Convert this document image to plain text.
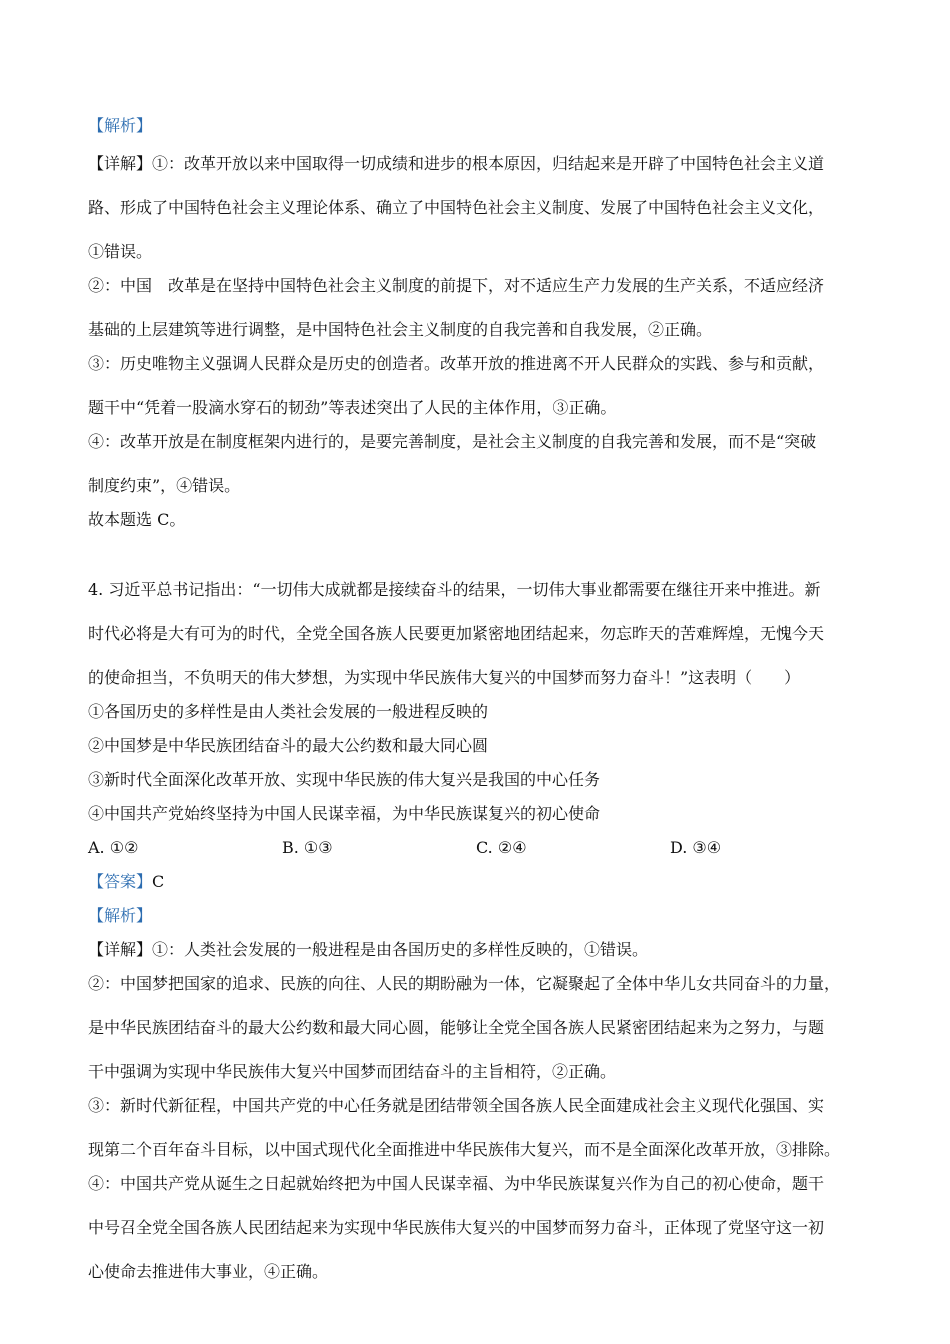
【解析】

【详解】①：改革开放以来中国取得一切成绩和进步的根本原因，归结起来是开辟了中国特色社会主义道

路、形成了中国特色社会主义理论体系、确立了中国特色社会主义制度、发展了中国特色社会主义文化，

①错误。

②：中国　改革是在坚持中国特色社会主义制度的前提下，对不适应生产力发展的生产关系，不适应经济

基础的上层建筑等进行调整，是中国特色社会主义制度的自我完善和自我发展，②正确。

③：历史唯物主义强调人民群众是历史的创造者。改革开放的推进离不开人民群众的实践、参与和贡献，

题干中“凭着一股滴水穿石的韧劲”等表述突出了人民的主体作用，③正确。

④：改革开放是在制度框架内进行的，是要完善制度，是社会主义制度的自我完善和发展，而不是“突破

制度约束”，④错误。

故本题选 C。

4. 习近平总书记指出：“一切伟大成就都是接续奋斗的结果，一切伟大事业都需要在继往开来中推进。新

时代必将是大有可为的时代，全党全国各族人民要更加紧密地团结起来，勿忘昨天的苦难辉煌，无愧今天

的使命担当，不负明天的伟大梦想，为实现中华民族伟大复兴的中国梦而努力奋斗！”这表明（　　）

①各国历史的多样性是由人类社会发展的一般进程反映的

②中国梦是中华民族团结奋斗的最大公约数和最大同心圆

③新时代全面深化改革开放、实现中华民族的伟大复兴是我国的中心任务

④中国共产党始终坚持为中国人民谋幸福，为中华民族谋复兴的初心使命

A. ①②	B. ①③	C. ②④	D. ③④

【答案】C

【解析】

【详解】①：人类社会发展的一般进程是由各国历史的多样性反映的，①错误。

②：中国梦把国家的追求、民族的向往、人民的期盼融为一体，它凝聚起了全体中华儿女共同奋斗的力量，

是中华民族团结奋斗的最大公约数和最大同心圆，能够让全党全国各族人民紧密团结起来为之努力，与题

干中强调为实现中华民族伟大复兴中国梦而团结奋斗的主旨相符，②正确。

③：新时代新征程，中国共产党的中心任务就是团结带领全国各族人民全面建成社会主义现代化强国、实

现第二个百年奋斗目标，以中国式现代化全面推进中华民族伟大复兴，而不是全面深化改革开放，③排除。

④：中国共产党从诞生之日起就始终把为中国人民谋幸福、为中华民族谋复兴作为自己的初心使命，题干

中号召全党全国各族人民团结起来为实现中华民族伟大复兴的中国梦而努力奋斗，正体现了党坚守这一初

心使命去推进伟大事业，④正确。
